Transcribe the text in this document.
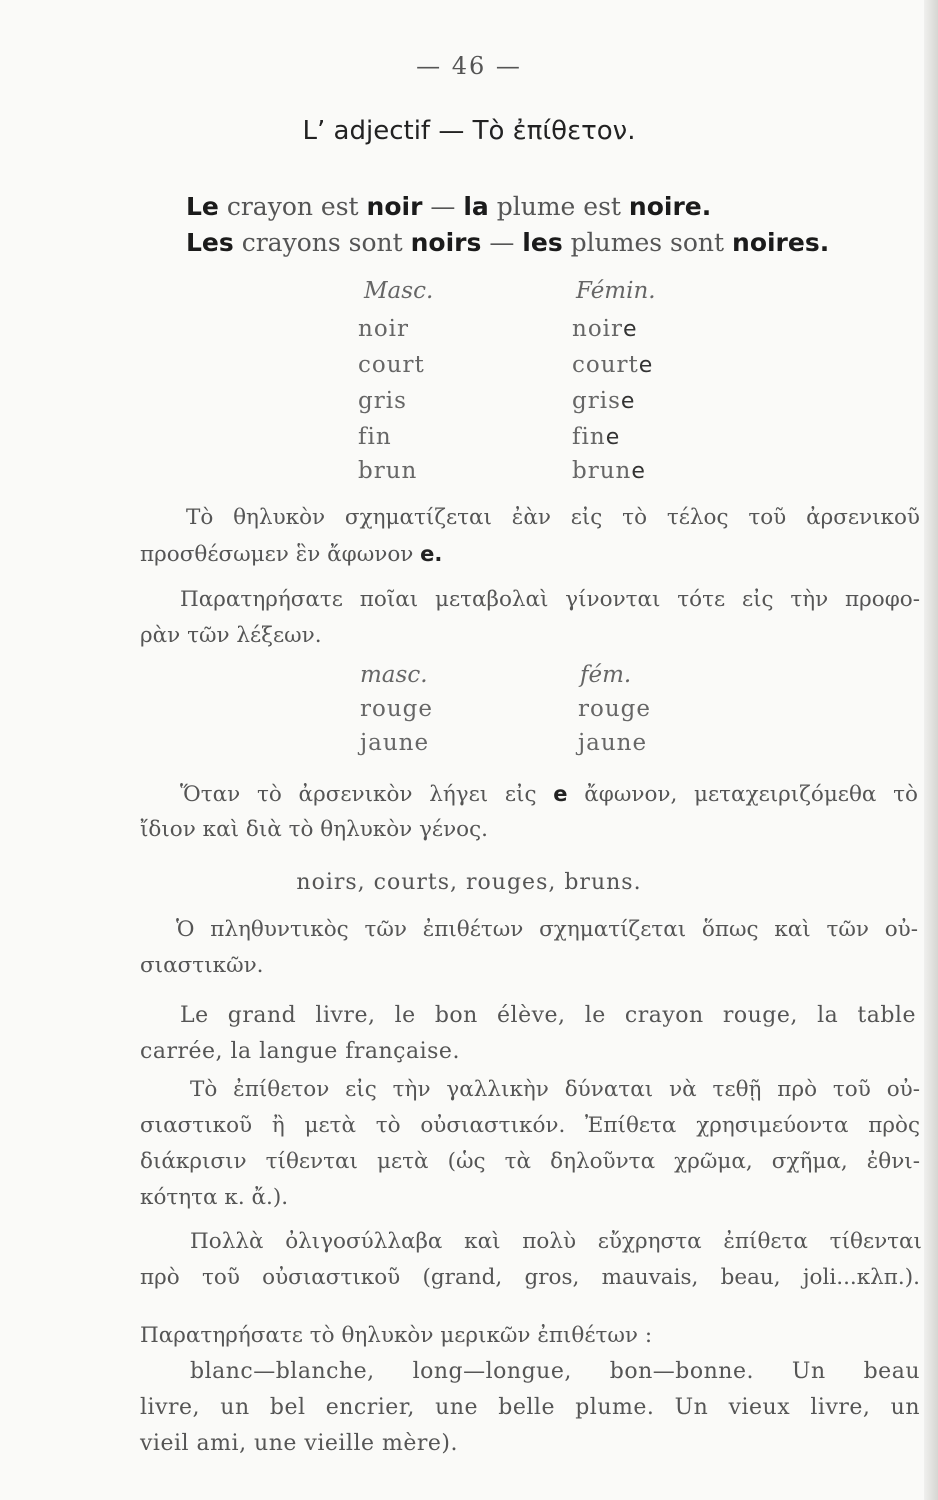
— 46 —
L’ adjectif — Τὸ ἐπίθετον.
Le crayon est noir — la plume est noire.
Les crayons sont noirs — les plumes sont noires.
Masc.	Fémin.
noir	noire
court	courte
gris	grise
fin	fine
brun	brune
Τὸ θηλυκὸν σχηματίζεται ἐὰν εἰς τὸ τέλος τοῦ ἀρσενικοῦ
προσθέσωμεν ἓν ἄφωνον e.
Παρατηρήσατε ποῖαι μεταβολαὶ γίνονται τότε εἰς τὴν προφο-
ρὰν τῶν λέξεων.
masc.	fém.
rouge	rouge
jaune	jaune
Ὅταν τὸ ἀρσενικὸν λήγει εἰς e ἄφωνον, μεταχειριζόμεθα τὸ
ἴδιον καὶ διὰ τὸ θηλυκὸν γένος.
noirs, courts, rouges, bruns.
Ὁ πληθυντικὸς τῶν ἐπιθέτων σχηματίζεται ὅπως καὶ τῶν οὐ-
σιαστικῶν.
Le grand livre, le bon élève, le crayon rouge, la table
carrée, la langue française.
Τὸ ἐπίθετον εἰς τὴν γαλλικὴν δύναται νὰ τεθῇ πρὸ τοῦ οὐ-
σιαστικοῦ ἢ μετὰ τὸ οὐσιαστικόν. Ἐπίθετα χρησιμεύοντα πρὸς
διάκρισιν τίθενται μετὰ (ὡς τὰ δηλοῦντα χρῶμα, σχῆμα, ἐθνι-
κότητα κ. ἄ.).
Πολλὰ ὀλιγοσύλλαβα καὶ πολὺ εὔχρηστα ἐπίθετα τίθενται
πρὸ τοῦ οὐσιαστικοῦ (grand, gros, mauvais, beau, joli...κλπ.).
Παρατηρήσατε τὸ θηλυκὸν μερικῶν ἐπιθέτων :
blanc—blanche, long—longue, bon—bonne. Un beau
livre, un bel encrier, une belle plume. Un vieux livre, un
vieil ami, une vieille mère).
